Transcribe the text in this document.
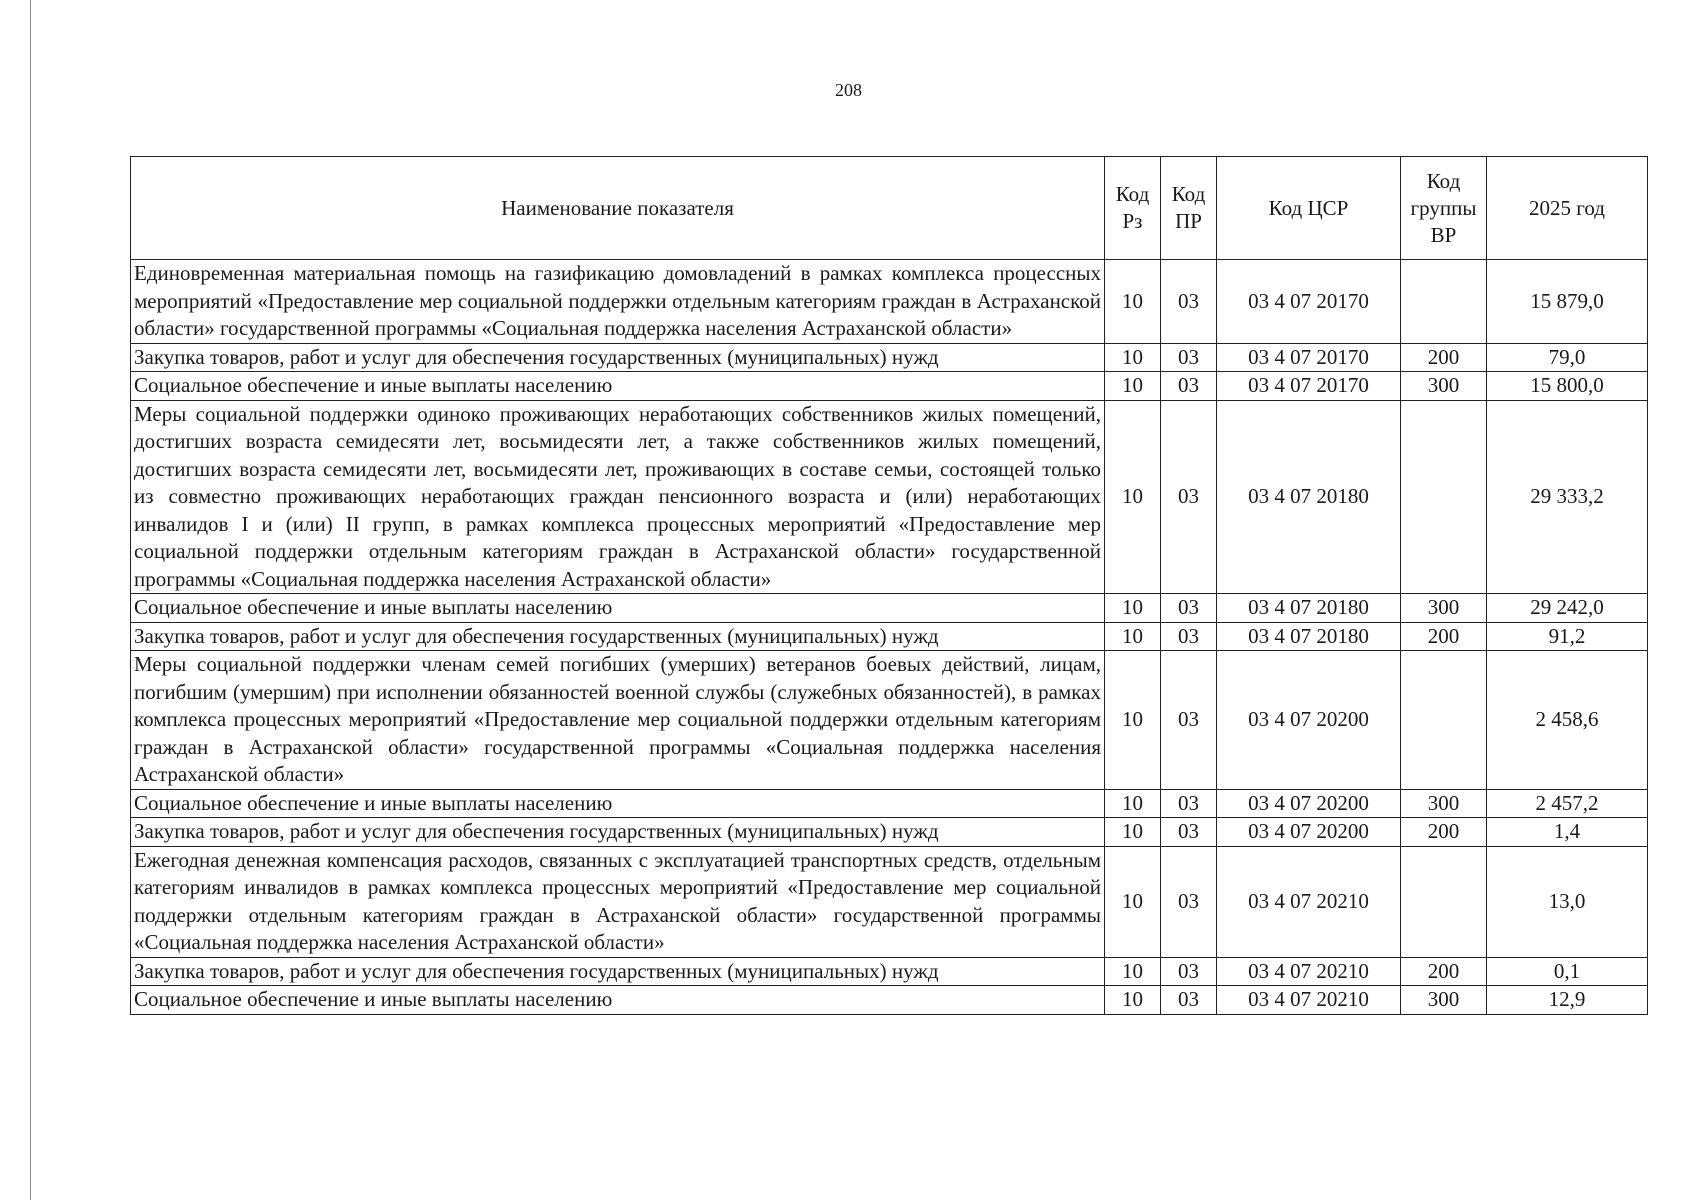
208
Наименование показателя	Код Рз	Код ПР	Код ЦСР	Код группы ВР	2025 год
Единовременная материальная помощь на газификацию домовладений в рамках комплекса процессных мероприятий «Предоставление мер социальной поддержки отдельным категориям граждан в Астраханской области» государственной программы «Социальная поддержка населения Астраханской области»	10	03	03 4 07 20170		15 879,0
Закупка товаров, работ и услуг для обеспечения государственных (муниципальных) нужд	10	03	03 4 07 20170	200	79,0
Социальное обеспечение и иные выплаты населению	10	03	03 4 07 20170	300	15 800,0
Меры социальной поддержки одиноко проживающих неработающих собственников жилых помещений, достигших возраста семидесяти лет, восьмидесяти лет, а также собственников жилых помещений, достигших возраста семидесяти лет, восьмидесяти лет, проживающих в составе семьи, состоящей только из совместно проживающих неработающих граждан пенсионного возраста и (или) неработающих инвалидов I и (или) II групп, в рамках комплекса процессных мероприятий «Предоставление мер социальной поддержки отдельным категориям граждан в Астраханской области» государственной программы «Социальная поддержка населения Астраханской области»	10	03	03 4 07 20180		29 333,2
Социальное обеспечение и иные выплаты населению	10	03	03 4 07 20180	300	29 242,0
Закупка товаров, работ и услуг для обеспечения государственных (муниципальных) нужд	10	03	03 4 07 20180	200	91,2
Меры социальной поддержки членам семей погибших (умерших) ветеранов боевых действий, лицам, погибшим (умершим) при исполнении обязанностей военной службы (служебных обязанностей), в рамках комплекса процессных мероприятий «Предоставление мер социальной поддержки отдельным категориям граждан в Астраханской области» государственной программы «Социальная поддержка населения Астраханской области»	10	03	03 4 07 20200		2 458,6
Социальное обеспечение и иные выплаты населению	10	03	03 4 07 20200	300	2 457,2
Закупка товаров, работ и услуг для обеспечения государственных (муниципальных) нужд	10	03	03 4 07 20200	200	1,4
Ежегодная денежная компенсация расходов, связанных с эксплуатацией транспортных средств, отдельным категориям инвалидов в рамках комплекса процессных мероприятий «Предоставление мер социальной поддержки отдельным категориям граждан в Астраханской области» государственной программы «Социальная поддержка населения Астраханской области»	10	03	03 4 07 20210		13,0
Закупка товаров, работ и услуг для обеспечения государственных (муниципальных) нужд	10	03	03 4 07 20210	200	0,1
Социальное обеспечение и иные выплаты населению	10	03	03 4 07 20210	300	12,9
